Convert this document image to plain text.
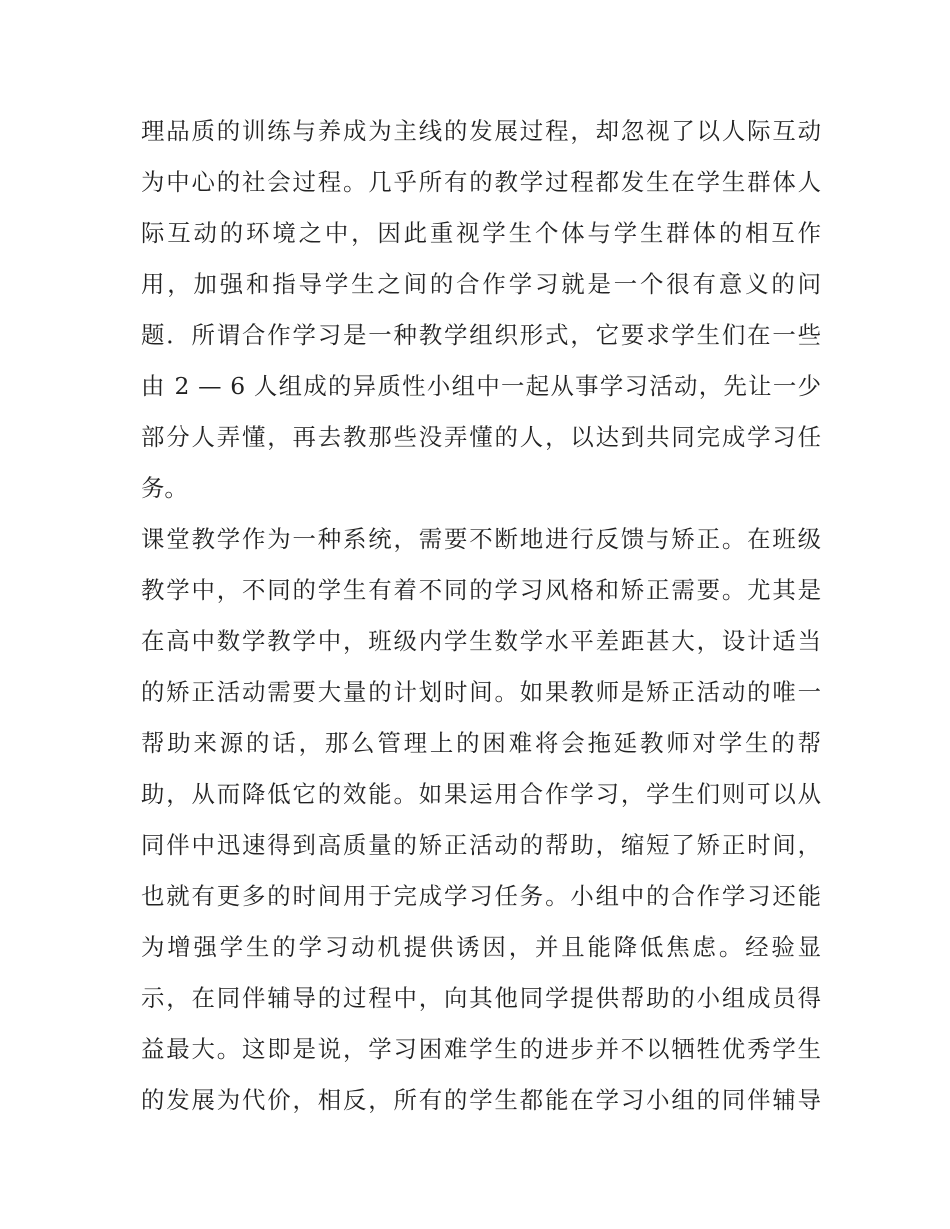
理品质的训练与养成为主线的发展过程，却忽视了以人际互动
为中心的社会过程。几乎所有的教学过程都发生在学生群体人
际互动的环境之中，因此重视学生个体与学生群体的相互作
用，加强和指导学生之间的合作学习就是一个很有意义的问
题．所谓合作学习是一种教学组织形式，它要求学生们在一些
由 2 — 6 人组成的异质性小组中一起从事学习活动，先让一少
部分人弄懂，再去教那些没弄懂的人，以达到共同完成学习任
务。
课堂教学作为一种系统，需要不断地进行反馈与矫正。在班级
教学中，不同的学生有着不同的学习风格和矫正需要。尤其是
在高中数学教学中，班级内学生数学水平差距甚大，设计适当
的矫正活动需要大量的计划时间。如果教师是矫正活动的唯一
帮助来源的话，那么管理上的困难将会拖延教师对学生的帮
助，从而降低它的效能。如果运用合作学习，学生们则可以从
同伴中迅速得到高质量的矫正活动的帮助，缩短了矫正时间，
也就有更多的时间用于完成学习任务。小组中的合作学习还能
为增强学生的学习动机提供诱因，并且能降低焦虑。经验显
示，在同伴辅导的过程中，向其他同学提供帮助的小组成员得
益最大。这即是说，学习困难学生的进步并不以牺牲优秀学生
的发展为代价，相反，所有的学生都能在学习小组的同伴辅导
